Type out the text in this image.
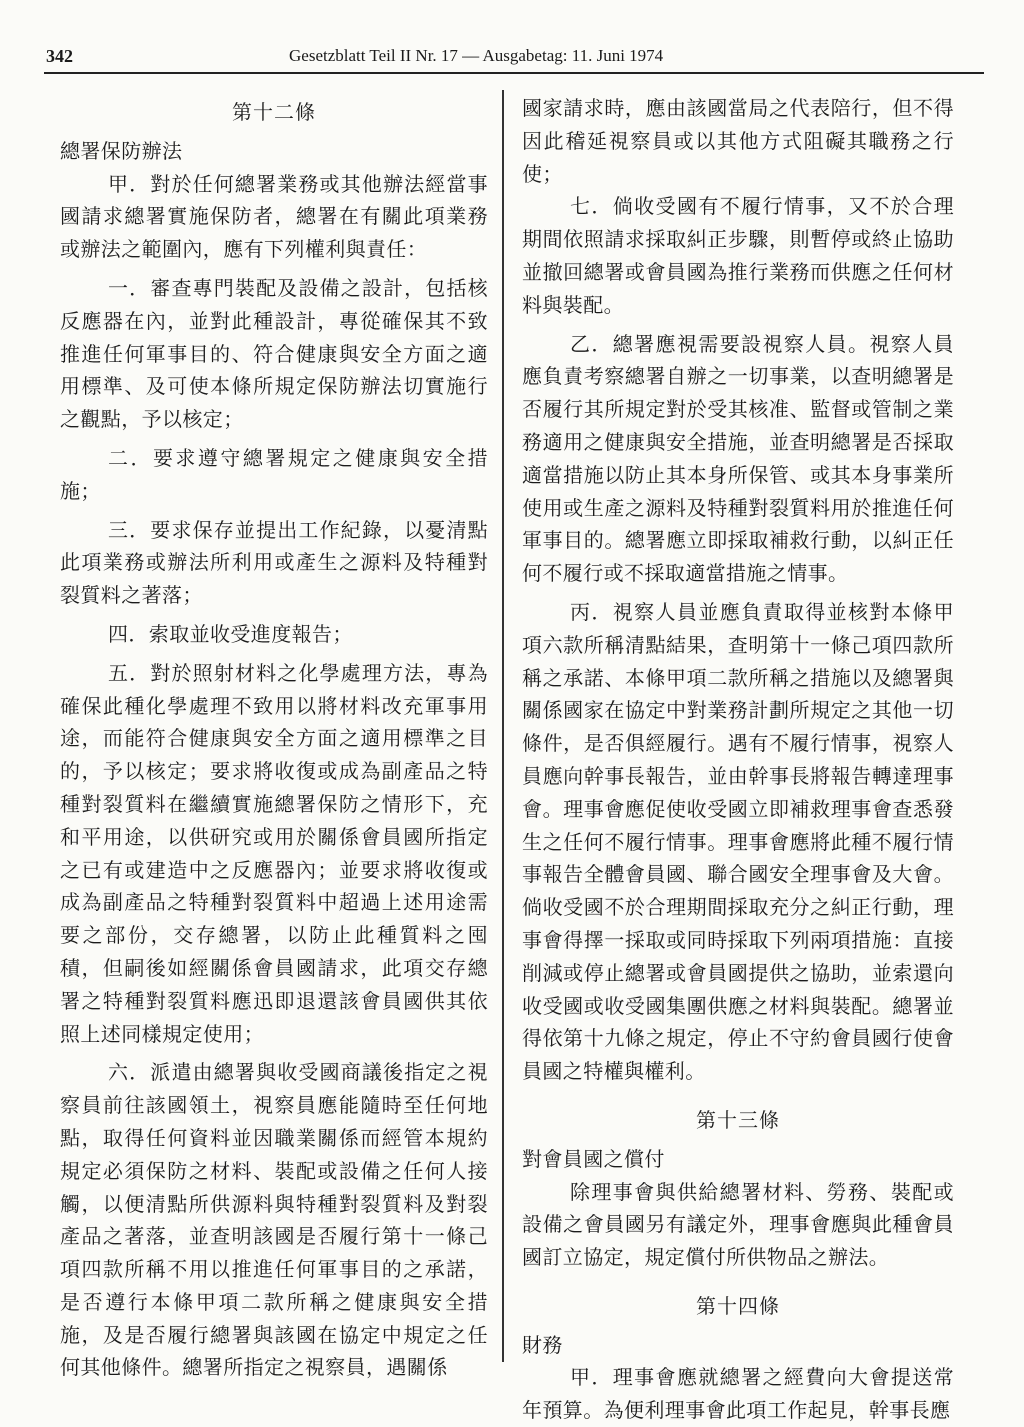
342	Gesetzblatt Teil II Nr. 17 — Ausgabetag: 11. Juni 1974
第十二條

總署保防辦法

甲．對於任何總署業務或其他辦法經當事國請求總署實施保防者，總署在有關此項業務或辦法之範圍內，應有下列權利與責任：

一．審查專門裝配及設備之設計，包括核反應器在內，並對此種設計，專從確保其不致推進任何軍事目的、符合健康與安全方面之適用標準、及可使本條所規定保防辦法切實施行之觀點，予以核定；

二．要求遵守總署規定之健康與安全措施；

三．要求保存並提出工作紀錄，以憂清點此項業務或辦法所利用或產生之源料及特種對裂質料之著落；

四．索取並收受進度報告；

五．對於照射材料之化學處理方法，專為確保此種化學處理不致用以將材料改充軍事用途，而能符合健康與安全方面之適用標準之目的，予以核定；要求將收復或成為副產品之特種對裂質料在繼續實施總署保防之情形下，充和平用途，以供研究或用於關係會員國所指定之已有或建造中之反應器內；並要求將收復或成為副產品之特種對裂質料中超過上述用途需要之部份，交存總署，以防止此種質料之囤積，但嗣後如經關係會員國請求，此項交存總署之特種對裂質料應迅即退還該會員國供其依照上述同樣規定使用；

六．派遣由總署與收受國商議後指定之視察員前往該國領土，視察員應能隨時至任何地點，取得任何資料並因職業關係而經管本規約規定必須保防之材料、裝配或設備之任何人接觸，以便清點所供源料與特種對裂質料及對裂產品之著落，並查明該國是否履行第十一條己項四款所稱不用以推進任何軍事目的之承諾，是否遵行本條甲項二款所稱之健康與安全措施，及是否履行總署與該國在協定中規定之任何其他條件。總署所指定之視察員，遇關係

國家請求時，應由該國當局之代表陪行，但不得因此稽延視察員或以其他方式阻礙其職務之行使；

七．倘收受國有不履行情事，又不於合理期間依照請求採取糾正步驟，則暫停或終止協助並撤回總署或會員國為推行業務而供應之任何材料與裝配。

乙．總署應視需要設視察人員。視察人員應負責考察總署自辦之一切事業，以查明總署是否履行其所規定對於受其核准、監督或管制之業務適用之健康與安全措施，並查明總署是否採取適當措施以防止其本身所保管、或其本身事業所使用或生產之源料及特種對裂質料用於推進任何軍事目的。總署應立即採取補救行動，以糾正任何不履行或不採取適當措施之情事。

丙．視察人員並應負責取得並核對本條甲項六款所稱清點結果，查明第十一條己項四款所稱之承諾、本條甲項二款所稱之措施以及總署與關係國家在協定中對業務計劃所規定之其他一切條件，是否俱經履行。遇有不履行情事，視察人員應向幹事長報告，並由幹事長將報告轉達理事會。理事會應促使收受國立即補救理事會查悉發生之任何不履行情事。理事會應將此種不履行情事報告全體會員國、聯合國安全理事會及大會。倘收受國不於合理期間採取充分之糾正行動，理事會得擇一採取或同時採取下列兩項措施：直接削減或停止總署或會員國提供之協助，並索還向收受國或收受國集團供應之材料與裝配。總署並得依第十九條之規定，停止不守約會員國行使會員國之特權與權利。

第十三條

對會員國之償付

除理事會與供給總署材料、勞務、裝配或設備之會員國另有議定外，理事會應與此種會員國訂立協定，規定償付所供物品之辦法。

第十四條

財務

甲．理事會應就總署之經費向大會提送常年預算。為便利理事會此項工作起見，幹事長應
